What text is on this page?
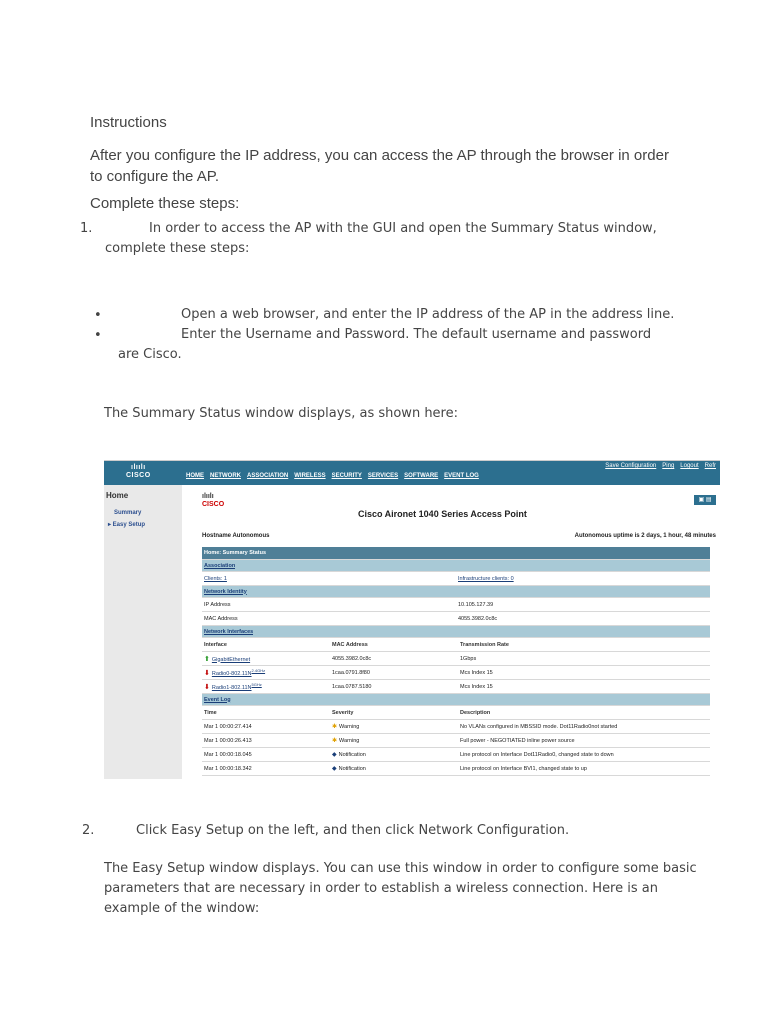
Instructions
After you configure the IP address, you can access the AP through the browser in order
to configure the AP.
Complete these steps:
1.	In order to access the AP with the GUI and open the Summary Status window,
complete these steps:
•	Open a web browser, and enter the IP address of the AP in the address line.
•	Enter the Username and Password. The default username and password
are Cisco.
The Summary Status window displays, as shown here:
ılıılı
CISCO
Save Configuration Ping Logout Refr
HOME NETWORK ASSOCIATION WIRELESS SECURITY SERVICES SOFTWARE EVENT LOG
Home
Summary
▸ Easy Setup
ılıılı
CISCO
▣ ▤
Cisco Aironet 1040 Series Access Point
Hostname Autonomous	Autonomous uptime is 2 days, 1 hour, 48 minutes
Home: Summary Status
Association
Clients: 1	Infrastructure clients: 0
Network Identity
IP Address	10.105.127.39
MAC Address	4055.3982.0c8c
Network Interfaces
Interface	MAC Address	Transmission Rate
⬆ GigabitEthernet	4055.3982.0c8c	1Gbps
⬇ $Radio0-802.11N^{2.4GHz}$	1caa.0791.8f80	Mcs Index 15
⬇ $Radio1-802.11N^{5GHz}$	1caa.0787.5180	Mcs Index 15
Event Log
Time	Severity	Description
Mar 1 00:00:27.414	✱ Warning	No VLANs configured in MBSSID mode. Dot11Radio0not started
Mar 1 00:00:26.413	✱ Warning	Full power - NEGOTIATED inline power source
Mar 1 00:00:18.045	◆ Notification	Line protocol on Interface Dot11Radio0, changed state to down
Mar 1 00:00:18.342	◆ Notification	Line protocol on Interface BVI1, changed state to up
2.	Click Easy Setup on the left, and then click Network Configuration.
The Easy Setup window displays. You can use this window in order to configure some basic
parameters that are necessary in order to establish a wireless connection. Here is an
example of the window:
